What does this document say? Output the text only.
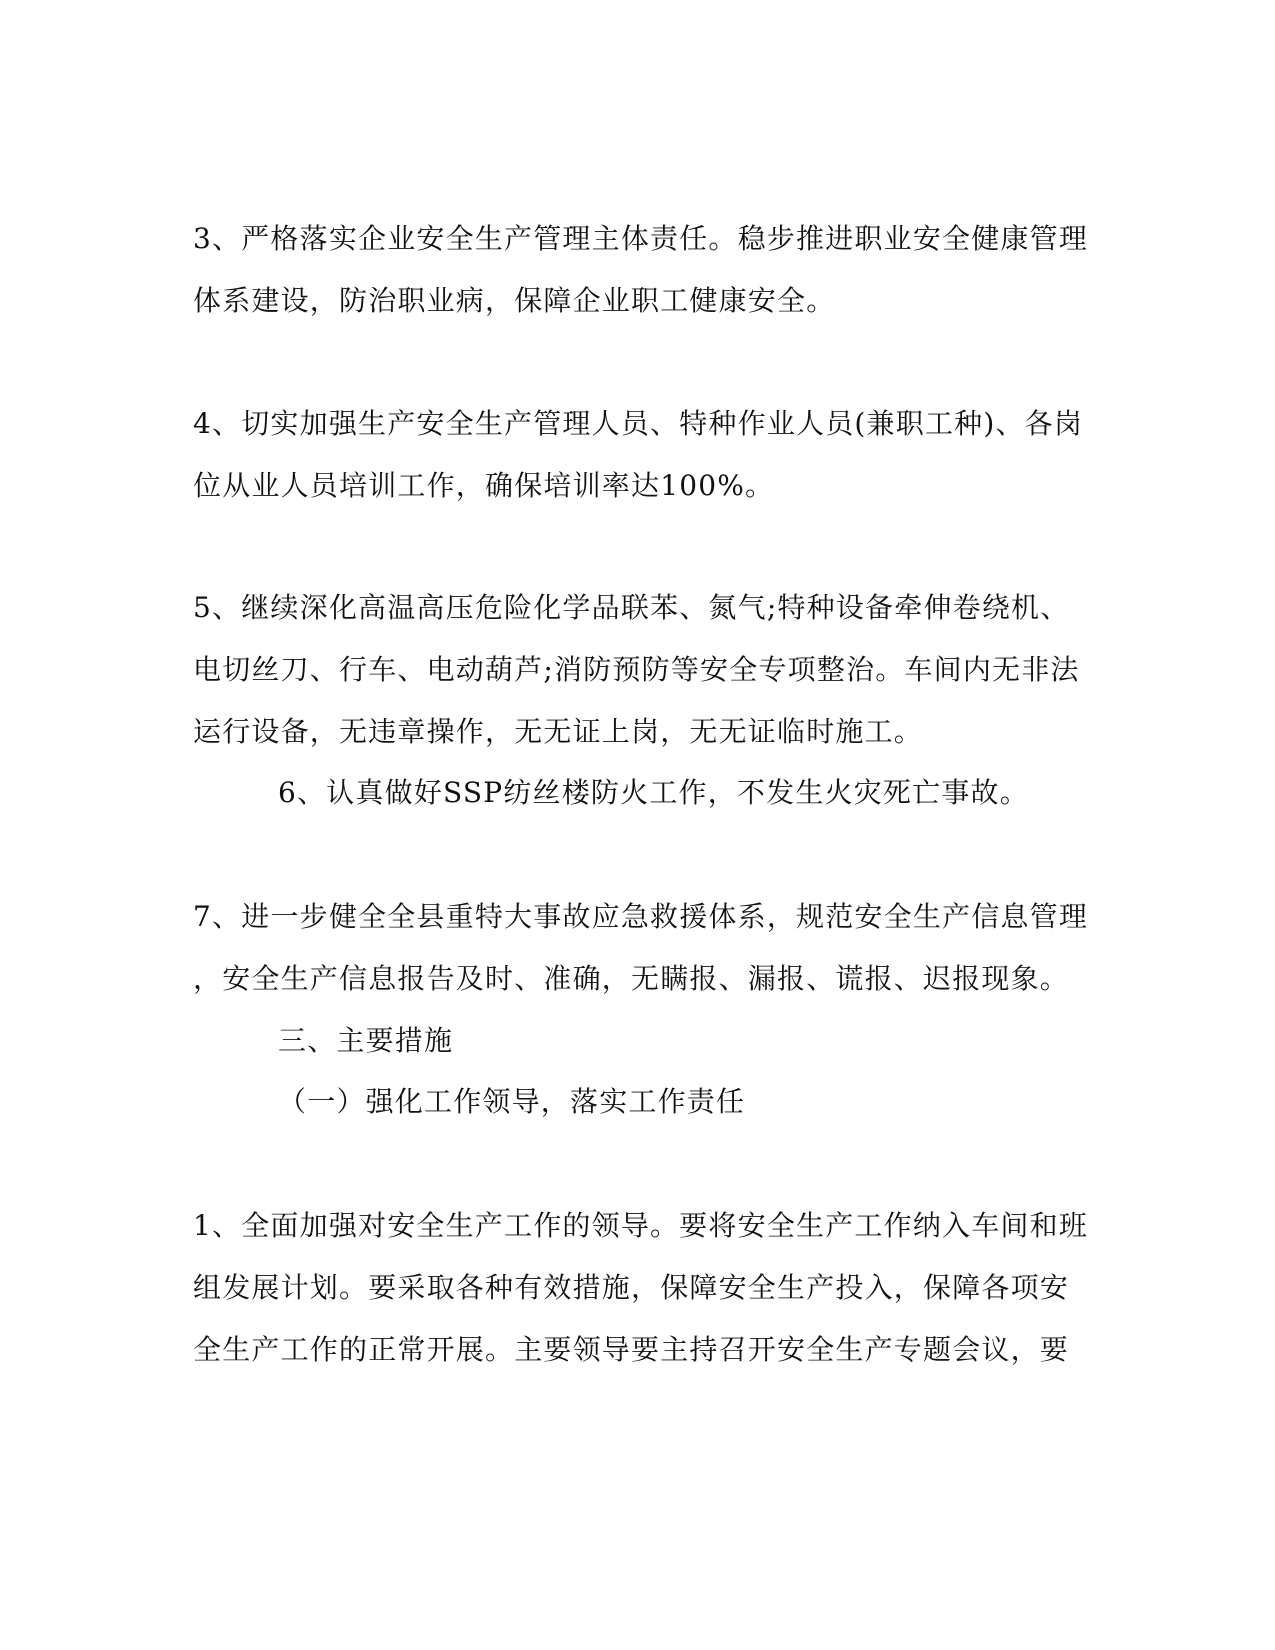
3、严格落实企业安全生产管理主体责任。稳步推进职业安全健康管理
体系建设，防治职业病，保障企业职工健康安全。
4、切实加强生产安全生产管理人员、特种作业人员(兼职工种)、各岗
位从业人员培训工作，确保培训率达100%。
5、继续深化高温高压危险化学品联苯、氮气;特种设备牵伸卷绕机、
电切丝刀、行车、电动葫芦;消防预防等安全专项整治。车间内无非法
运行设备，无违章操作，无无证上岗，无无证临时施工。
6、认真做好SSP纺丝楼防火工作，不发生火灾死亡事故。
7、进一步健全全县重特大事故应急救援体系，规范安全生产信息管理
，安全生产信息报告及时、准确，无瞒报、漏报、谎报、迟报现象。
三、主要措施
（一）强化工作领导，落实工作责任
1、全面加强对安全生产工作的领导。要将安全生产工作纳入车间和班
组发展计划。要采取各种有效措施，保障安全生产投入，保障各项安
全生产工作的正常开展。主要领导要主持召开安全生产专题会议，要
